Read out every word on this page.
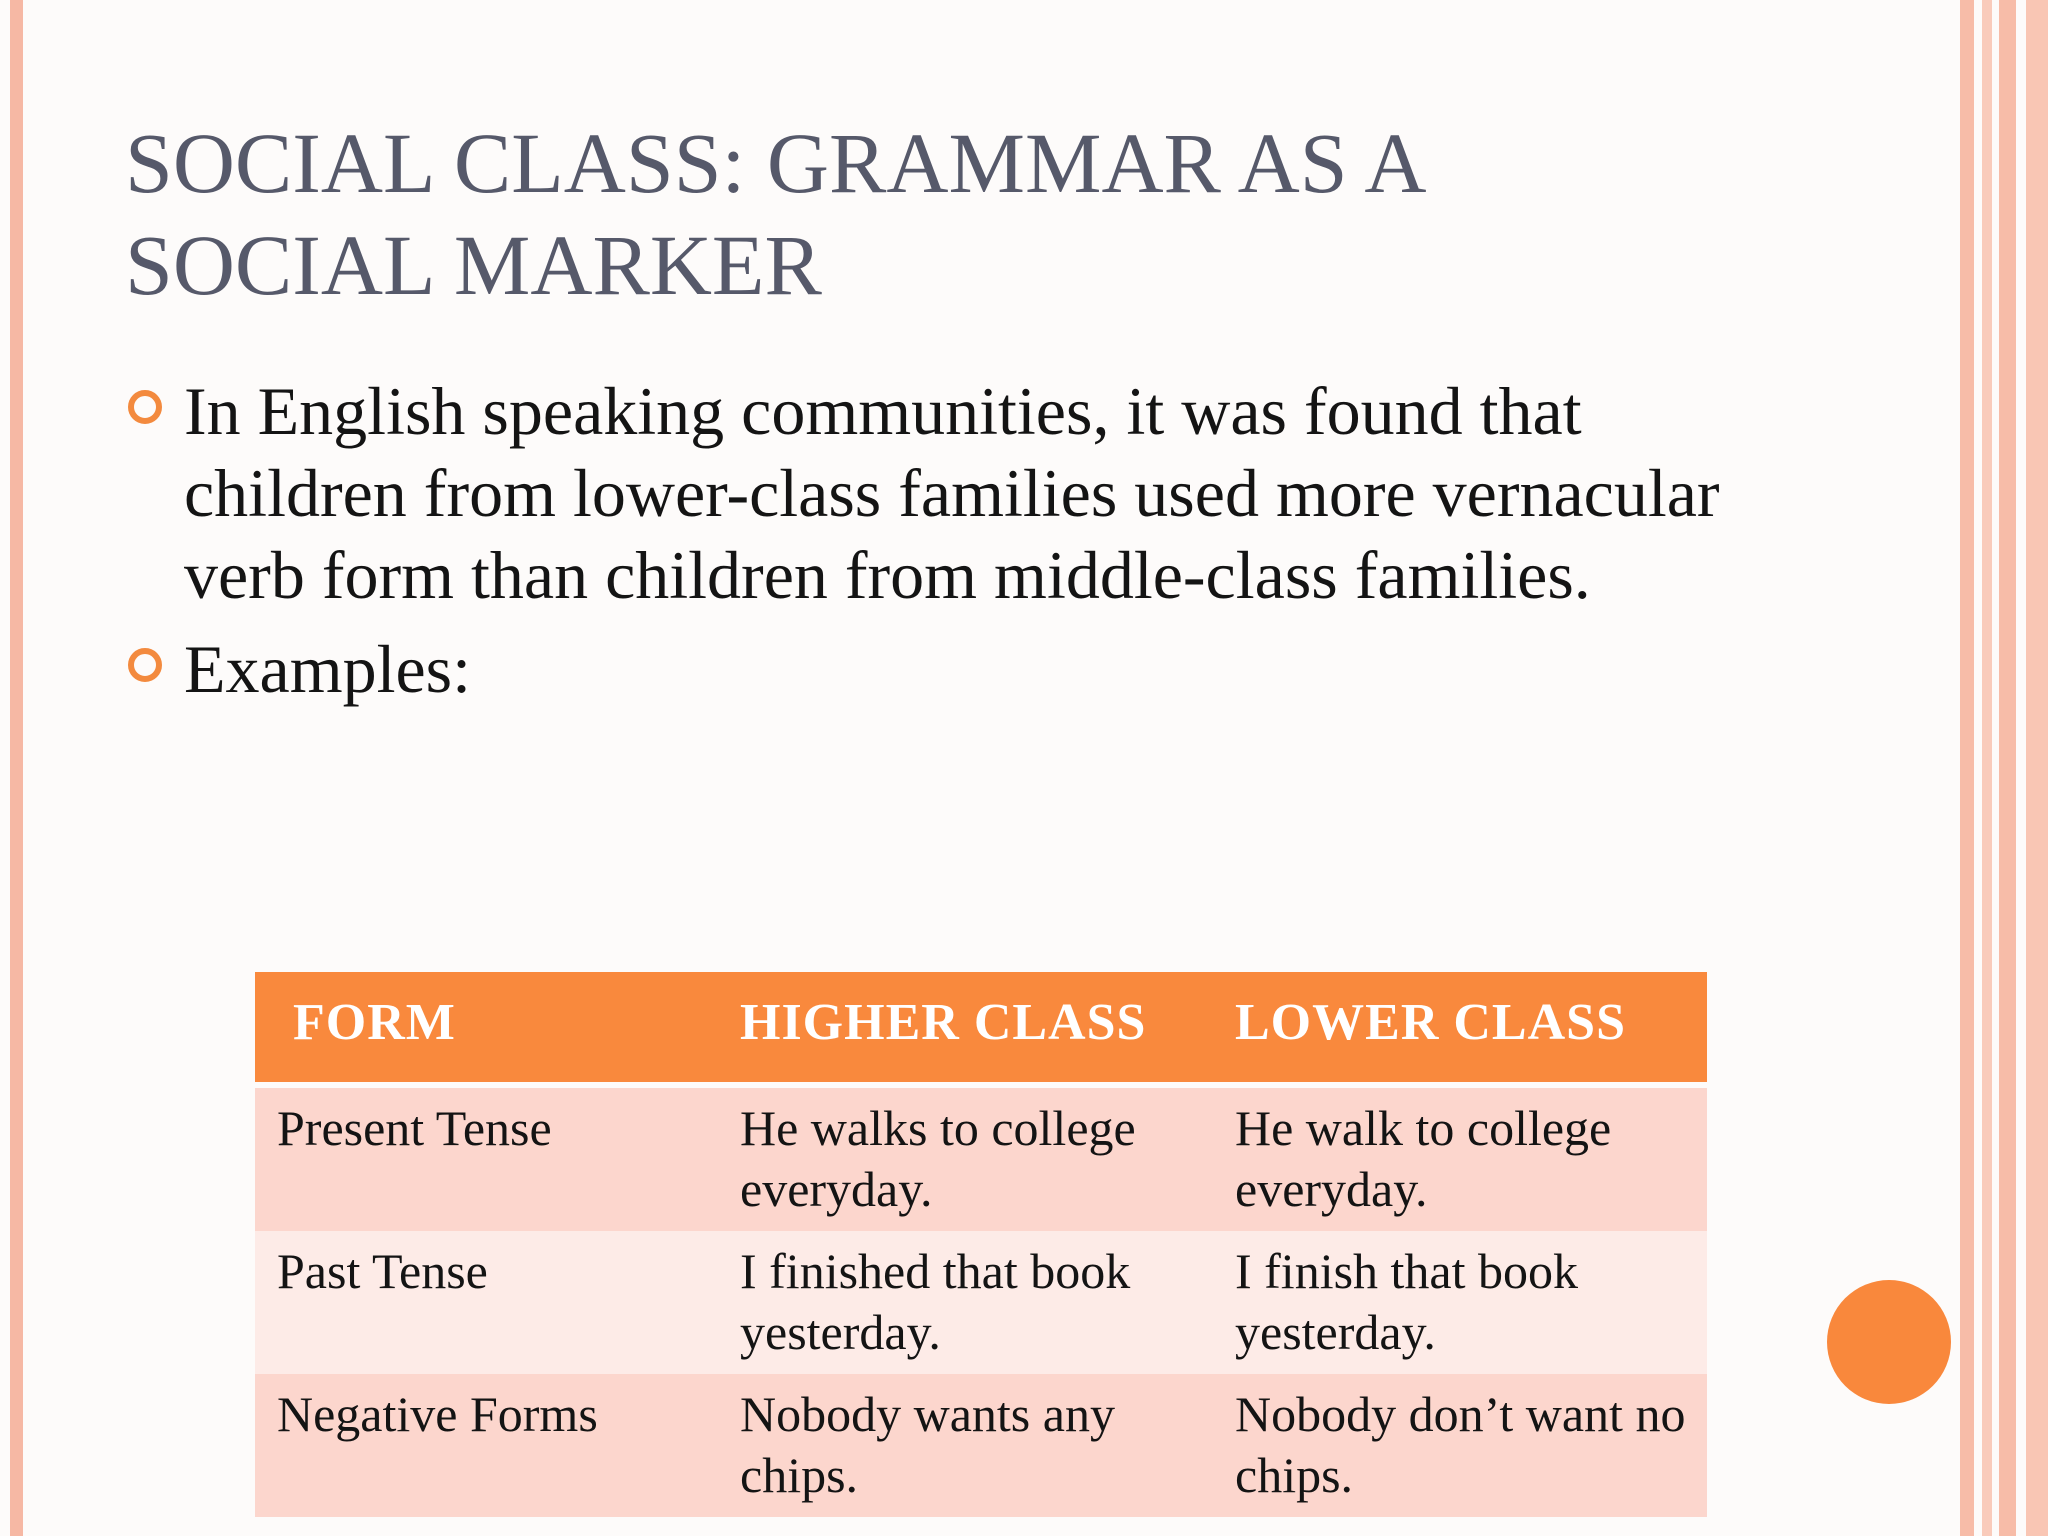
SOCIAL CLASS: GRAMMAR AS A
SOCIAL MARKER
In English speaking communities, it was found that children from lower-class families used more vernacular verb form than children from middle-class families.
Examples:
FORM	HIGHER CLASS	LOWER CLASS

Present Tense	He walks to college everyday.	He walk to college everyday.
Past Tense	I finished that book yesterday.	I finish that book yesterday.
Negative Forms	Nobody wants any chips.	Nobody don’t want no chips.
